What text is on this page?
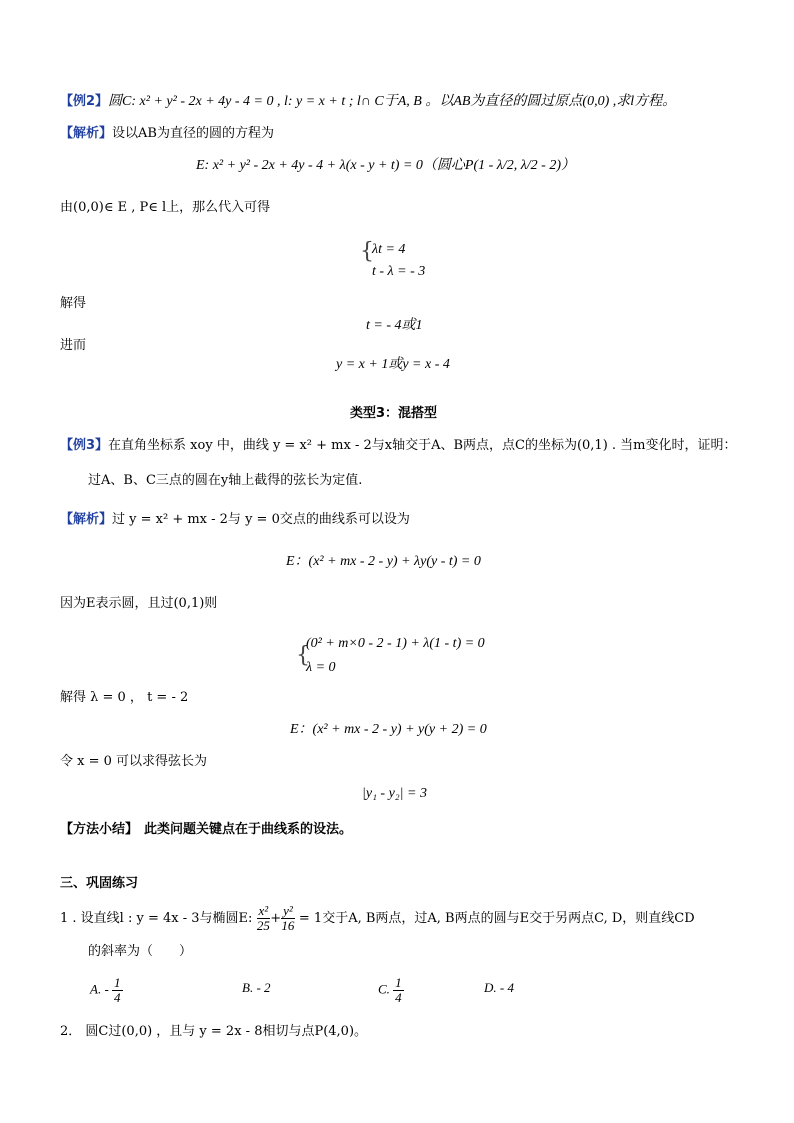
【例2】圆C: x² + y² - 2x + 4y - 4 = 0 , l: y = x + t ; l∩ C于A, B 。以AB为直径的圆过原点(0,0) ,求l方程。
【解析】设以AB为直径的圆的方程为
E: x² + y² - 2x + 4y - 4 + λ(x - y + t) = 0（圆心P(1 - λ/2, λ/2 - 2)）
由(0,0)∈ E , P∈ l上，那么代入可得
{
λt = 4
t - λ = - 3
解得
t = - 4或1
进而
y = x + 1或y = x - 4
类型3：混搭型
【例3】在直角坐标系 xoy 中，曲线 y = x² + mx - 2与x轴交于A、B两点，点C的坐标为(0,1) . 当m变化时，证明：
过A、B、C三点的圆在y轴上截得的弦长为定值.
【解析】过 y = x² + mx - 2与 y = 0交点的曲线系可以设为
E：(x² + mx - 2 - y) + λy(y - t) = 0
因为E表示圆，且过(0,1)则
{
(0² + m×0 - 2 - 1) + λ(1 - t) = 0
λ = 0
解得 λ = 0 ， t = - 2
E：(x² + mx - 2 - y) + y(y + 2) = 0
令 x = 0 可以求得弦长为
|y₁ - y₂| = 3
【方法小结】 此类问题关键点在于曲线系的设法。
三、巩固练习
1 . 设直线l : y = 4x - 3与椭圆E: $\frac{\text{x²}}{25} + \frac{\text{y²}}{16} = 1$交于A, B两点，过A, B两点的圆与E交于另两点C, D，则直线CD
的斜率为（　　）
A. - $\frac{1}{4}$	B. - 2	C. $\frac{1}{4}$	D. - 4
2． 圆C过(0,0) ，且与 y = 2x - 8相切与点P(4,0)。
